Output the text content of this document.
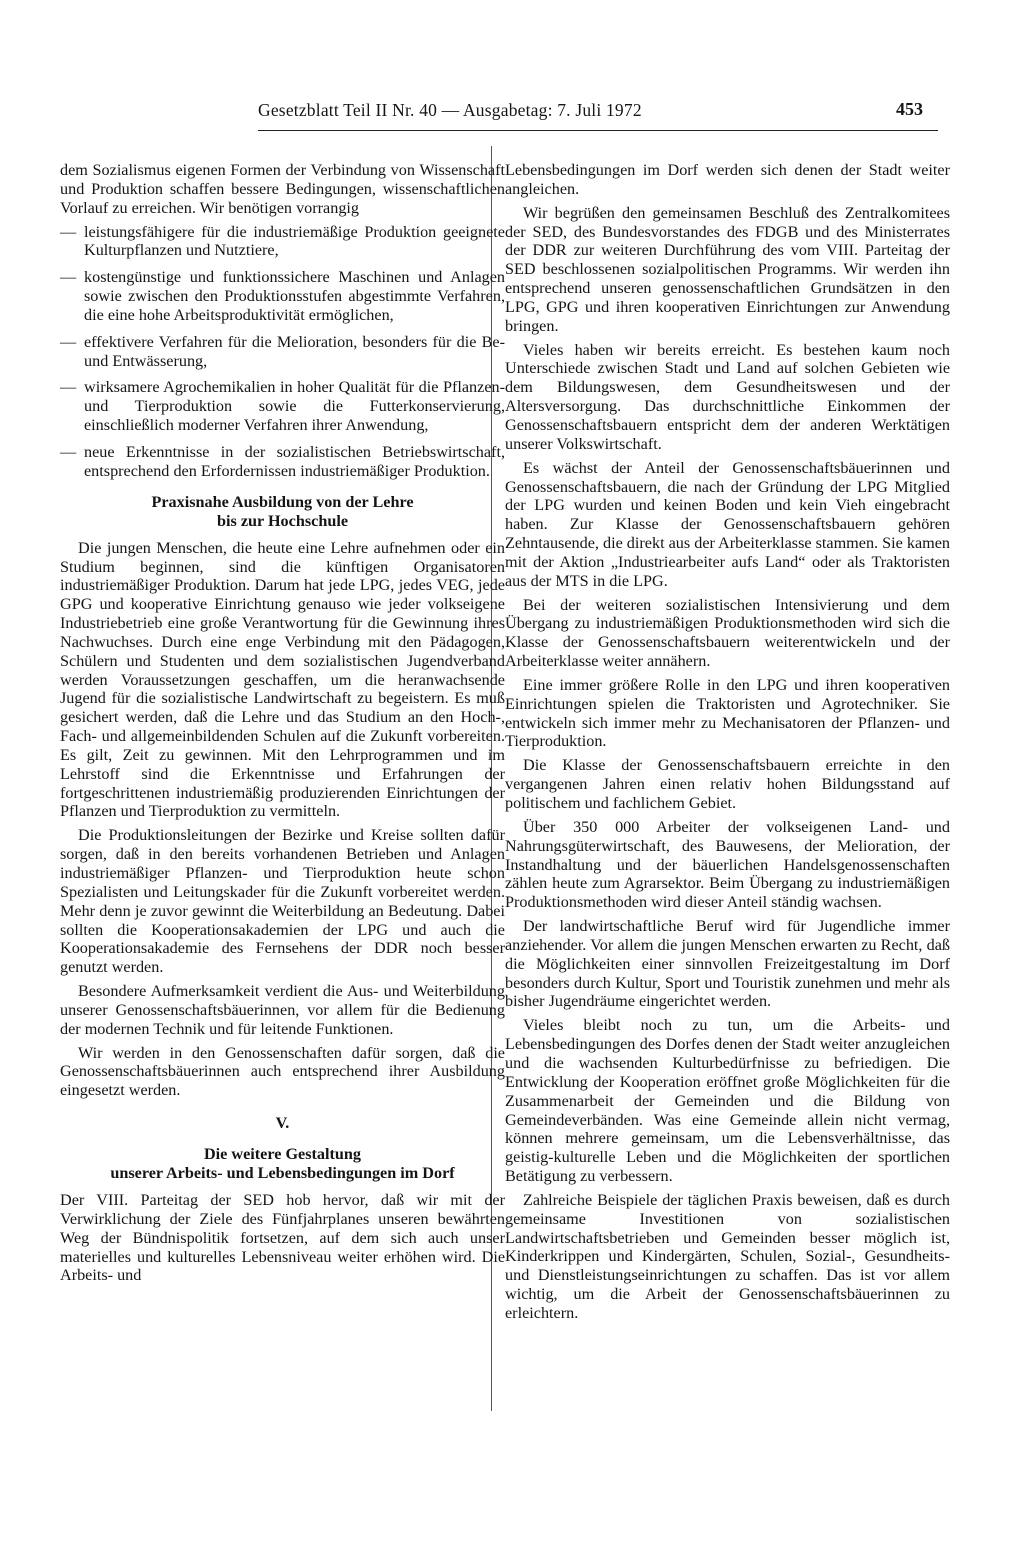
Gesetzblatt Teil II Nr. 40 — Ausgabetag: 7. Juli 1972	453

dem Sozialismus eigenen Formen der Verbindung von Wissenschaft und Produktion schaffen bessere Bedingungen, wissenschaftlichen Vorlauf zu erreichen. Wir benötigen vorrangig

— leistungsfähigere für die industriemäßige Produktion geeignete Kulturpflanzen und Nutztiere,
— kostengünstige und funktionssichere Maschinen und Anlagen sowie zwischen den Produktionsstufen abgestimmte Verfahren, die eine hohe Arbeitsproduktivität ermöglichen,
— effektivere Verfahren für die Melioration, besonders für die Be- und Entwässerung,
— wirksamere Agrochemikalien in hoher Qualität für die Pflanzen- und Tierproduktion sowie die Futterkonservierung, einschließlich moderner Verfahren ihrer Anwendung,
— neue Erkenntnisse in der sozialistischen Betriebswirtschaft, entsprechend den Erfordernissen industriemäßiger Produktion.
Praxisnahe Ausbildung von der Lehre
bis zur Hochschule

Die jungen Menschen, die heute eine Lehre aufnehmen oder ein Studium beginnen, sind die künftigen Organisatoren industriemäßiger Produktion. Darum hat jede LPG, jedes VEG, jede GPG und kooperative Einrichtung genauso wie jeder volkseigene Industriebetrieb eine große Verantwortung für die Gewinnung ihres Nachwuchses. Durch eine enge Verbindung mit den Pädagogen, Schülern und Studenten und dem sozialistischen Jugendverband werden Voraussetzungen geschaffen, um die heranwachsende Jugend für die sozialistische Landwirtschaft zu begeistern. Es muß gesichert werden, daß die Lehre und das Studium an den Hoch-, Fach- und allgemeinbildenden Schulen auf die Zukunft vorbereiten. Es gilt, Zeit zu gewinnen. Mit den Lehrprogrammen und im Lehrstoff sind die Erkenntnisse und Erfahrungen der fortgeschrittenen industriemäßig produzierenden Einrichtungen der Pflanzen und Tierproduktion zu vermitteln.

Die Produktionsleitungen der Bezirke und Kreise sollten dafür sorgen, daß in den bereits vorhandenen Betrieben und Anlagen industriemäßiger Pflanzen- und Tierproduktion heute schon Spezialisten und Leitungskader für die Zukunft vorbereitet werden. Mehr denn je zuvor gewinnt die Weiterbildung an Bedeutung. Dabei sollten die Kooperationsakademien der LPG und auch die Kooperationsakademie des Fernsehens der DDR noch besser genutzt werden.

Besondere Aufmerksamkeit verdient die Aus- und Weiterbildung unserer Genossenschaftsbäuerinnen, vor allem für die Bedienung der modernen Technik und für leitende Funktionen.

Wir werden in den Genossenschaften dafür sorgen, daß die Genossenschaftsbäuerinnen auch entsprechend ihrer Ausbildung eingesetzt werden.

V.
Die weitere Gestaltung
unserer Arbeits- und Lebensbedingungen im Dorf

Der VIII. Parteitag der SED hob hervor, daß wir mit der Verwirklichung der Ziele des Fünfjahrplanes unseren bewährten Weg der Bündnispolitik fortsetzen, auf dem sich auch unser materielles und kulturelles Lebensniveau weiter erhöhen wird. Die Arbeits- und

Lebensbedingungen im Dorf werden sich denen der Stadt weiter angleichen.

Wir begrüßen den gemeinsamen Beschluß des Zentralkomitees der SED, des Bundesvorstandes des FDGB und des Ministerrates der DDR zur weiteren Durchführung des vom VIII. Parteitag der SED beschlossenen sozialpolitischen Programms. Wir werden ihn entsprechend unseren genossenschaftlichen Grundsätzen in den LPG, GPG und ihren kooperativen Einrichtungen zur Anwendung bringen.

Vieles haben wir bereits erreicht. Es bestehen kaum noch Unterschiede zwischen Stadt und Land auf solchen Gebieten wie dem Bildungswesen, dem Gesundheitswesen und der Altersversorgung. Das durchschnittliche Einkommen der Genossenschaftsbauern entspricht dem der anderen Werktätigen unserer Volkswirtschaft.

Es wächst der Anteil der Genossenschaftsbäuerinnen und Genossenschaftsbauern, die nach der Gründung der LPG Mitglied der LPG wurden und keinen Boden und kein Vieh eingebracht haben. Zur Klasse der Genossenschaftsbauern gehören Zehntausende, die direkt aus der Arbeiterklasse stammen. Sie kamen mit der Aktion „Industriearbeiter aufs Land“ oder als Traktoristen aus der MTS in die LPG.

Bei der weiteren sozialistischen Intensivierung und dem Übergang zu industriemäßigen Produktionsmethoden wird sich die Klasse der Genossenschaftsbauern weiterentwickeln und der Arbeiterklasse weiter annähern.

Eine immer größere Rolle in den LPG und ihren kooperativen Einrichtungen spielen die Traktoristen und Agrotechniker. Sie entwickeln sich immer mehr zu Mechanisatoren der Pflanzen- und Tierproduktion.

Die Klasse der Genossenschaftsbauern erreichte in den vergangenen Jahren einen relativ hohen Bildungsstand auf politischem und fachlichem Gebiet.

Über 350 000 Arbeiter der volkseigenen Land- und Nahrungsgüterwirtschaft, des Bauwesens, der Melioration, der Instandhaltung und der bäuerlichen Handelsgenossenschaften zählen heute zum Agrarsektor. Beim Übergang zu industriemäßigen Produktionsmethoden wird dieser Anteil ständig wachsen.

Der landwirtschaftliche Beruf wird für Jugendliche immer anziehender. Vor allem die jungen Menschen erwarten zu Recht, daß die Möglichkeiten einer sinnvollen Freizeitgestaltung im Dorf besonders durch Kultur, Sport und Touristik zunehmen und mehr als bisher Jugendräume eingerichtet werden.

Vieles bleibt noch zu tun, um die Arbeits- und Lebensbedingungen des Dorfes denen der Stadt weiter anzugleichen und die wachsenden Kulturbedürfnisse zu befriedigen. Die Entwicklung der Kooperation eröffnet große Möglichkeiten für die Zusammenarbeit der Gemeinden und die Bildung von Gemeindeverbänden. Was eine Gemeinde allein nicht vermag, können mehrere gemeinsam, um die Lebensverhältnisse, das geistig-kulturelle Leben und die Möglichkeiten der sportlichen Betätigung zu verbessern.

Zahlreiche Beispiele der täglichen Praxis beweisen, daß es durch gemeinsame Investitionen von sozialistischen Landwirtschaftsbetrieben und Gemeinden besser möglich ist, Kinderkrippen und Kindergärten, Schulen, Sozial-, Gesundheits- und Dienstleistungseinrichtungen zu schaffen. Das ist vor allem wichtig, um die Arbeit der Genossenschaftsbäuerinnen zu erleichtern.
